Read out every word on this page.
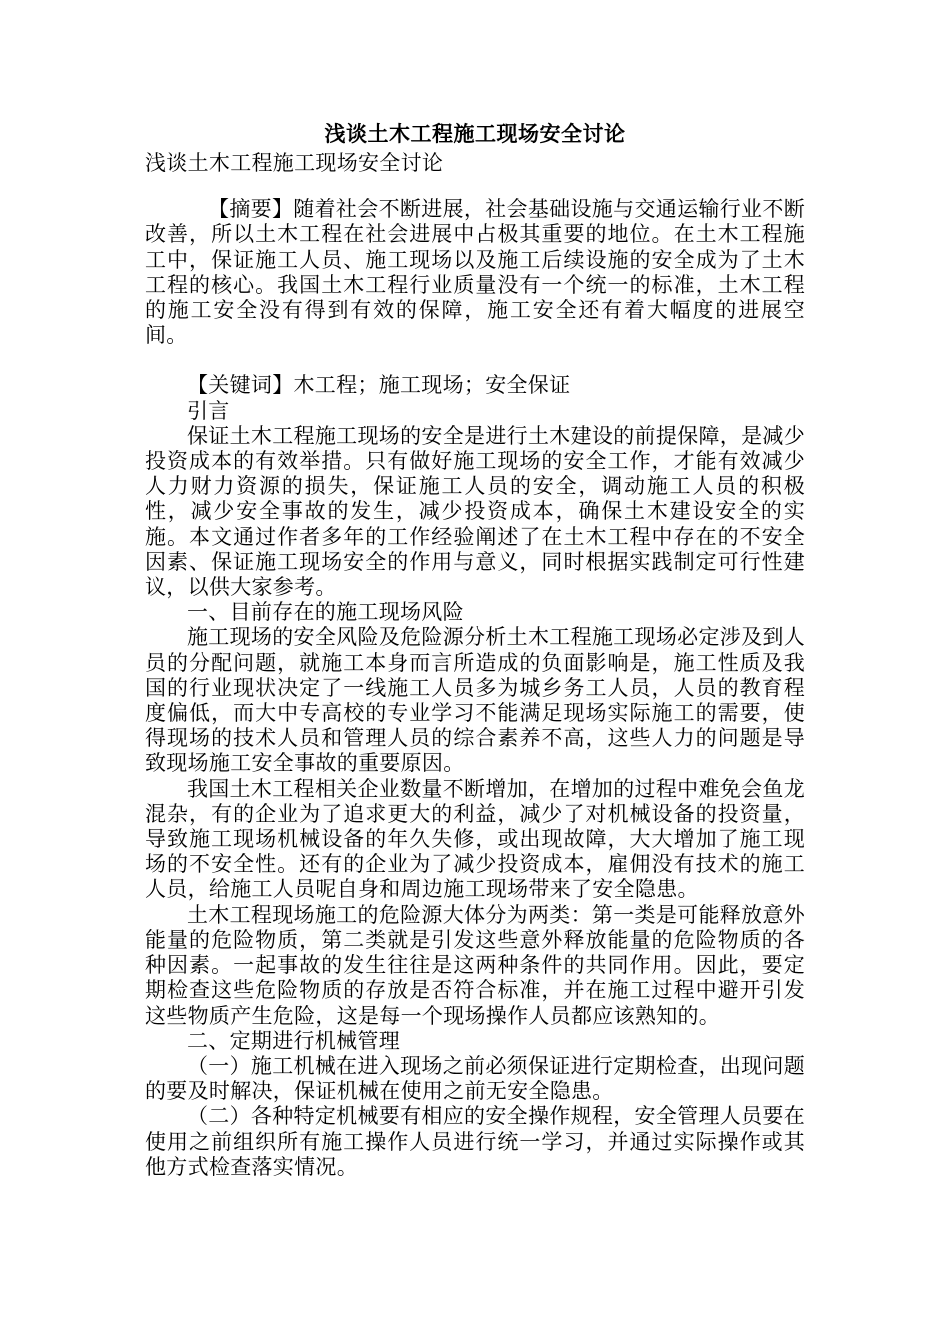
浅谈土木工程施工现场安全讨论

浅谈土木工程施工现场安全讨论

【摘要】随着社会不断进展，社会基础设施与交通运输行业不断改善，所以土木工程在社会进展中占极其重要的地位。在土木工程施工中，保证施工人员、施工现场以及施工后续设施的安全成为了土木工程的核心。我国土木工程行业质量没有一个统一的标准，土木工程的施工安全没有得到有效的保障，施工安全还有着大幅度的进展空间。

【关键词】木工程；施工现场；安全保证

引言

保证土木工程施工现场的安全是进行土木建设的前提保障，是减少投资成本的有效举措。只有做好施工现场的安全工作，才能有效减少人力财力资源的损失，保证施工人员的安全，调动施工人员的积极性，减少安全事故的发生，减少投资成本，确保土木建设安全的实施。本文通过作者多年的工作经验阐述了在土木工程中存在的不安全因素、保证施工现场安全的作用与意义，同时根据实践制定可行性建议，以供大家参考。

一、目前存在的施工现场风险

施工现场的安全风险及危险源分析土木工程施工现场必定涉及到人员的分配问题，就施工本身而言所造成的负面影响是，施工性质及我国的行业现状决定了一线施工人员多为城乡务工人员，人员的教育程度偏低，而大中专高校的专业学习不能满足现场实际施工的需要，使得现场的技术人员和管理人员的综合素养不高，这些人力的问题是导致现场施工安全事故的重要原因。

我国土木工程相关企业数量不断增加，在增加的过程中难免会鱼龙混杂，有的企业为了追求更大的利益，减少了对机械设备的投资量，导致施工现场机械设备的年久失修，或出现故障，大大增加了施工现场的不安全性。还有的企业为了减少投资成本，雇佣没有技术的施工人员，给施工人员呢自身和周边施工现场带来了安全隐患。

土木工程现场施工的危险源大体分为两类：第一类是可能释放意外能量的危险物质，第二类就是引发这些意外释放能量的危险物质的各种因素。一起事故的发生往往是这两种条件的共同作用。因此，要定期检查这些危险物质的存放是否符合标准，并在施工过程中避开引发这些物质产生危险，这是每一个现场操作人员都应该熟知的。

二、定期进行机械管理

（一）施工机械在进入现场之前必须保证进行定期检查，出现问题的要及时解决，保证机械在使用之前无安全隐患。

（二）各种特定机械要有相应的安全操作规程，安全管理人员要在使用之前组织所有施工操作人员进行统一学习，并通过实际操作或其他方式检查落实情况。
